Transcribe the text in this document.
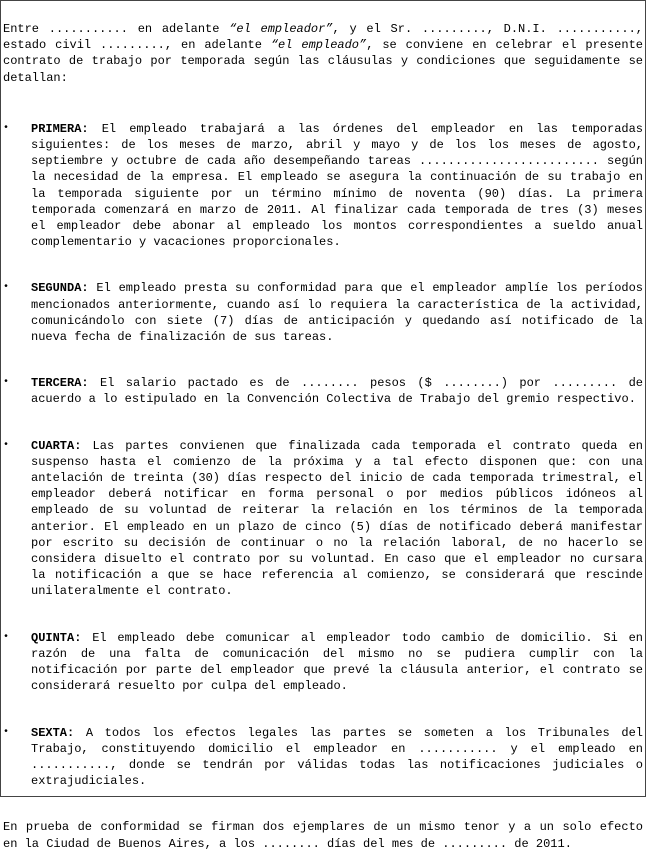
Entre ........... en adelante “el empleador”, y el Sr. ........., D.N.I. ..........., estado civil ........., en adelante “el empleado”, se conviene en celebrar el presente contrato de trabajo por temporada según las cláusulas y condiciones que seguidamente se detallan:

• PRIMERA: El empleado trabajará a las órdenes del empleador en las temporadas siguientes: de los meses de marzo, abril y mayo y de los los meses de agosto, septiembre y octubre de cada año desempeñando tareas ......................... según la necesidad de la empresa. El empleado se asegura la continuación de su trabajo en la temporada siguiente por un término mínimo de noventa (90) días. La primera temporada comenzará en marzo de 2011. Al finalizar cada temporada de tres (3) meses el empleador debe abonar al empleado los montos correspondientes a sueldo anual complementario y vacaciones proporcionales.

• SEGUNDA: El empleado presta su conformidad para que el empleador amplíe los períodos mencionados anteriormente, cuando así lo requiera la característica de la actividad, comunicándolo con siete (7) días de anticipación y quedando así notificado de la nueva fecha de finalización de sus tareas.

• TERCERA: El salario pactado es de ........ pesos ($ ........) por ......... de acuerdo a lo estipulado en la Convención Colectiva de Trabajo del gremio respectivo.

• CUARTA: Las partes convienen que finalizada cada temporada el contrato queda en suspenso hasta el comienzo de la próxima y a tal efecto disponen que: con una antelación de treinta (30) días respecto del inicio de cada temporada trimestral, el empleador deberá notificar en forma personal o por medios públicos idóneos al empleado de su voluntad de reiterar la relación en los términos de la temporada anterior. El empleado en un plazo de cinco (5) días de notificado deberá manifestar por escrito su decisión de continuar o no la relación laboral, de no hacerlo se considera disuelto el contrato por su voluntad. En caso que el empleador no cursara la notificación a que se hace referencia al comienzo, se considerará que rescinde unilateralmente el contrato.

• QUINTA: El empleado debe comunicar al empleador todo cambio de domicilio. Si en razón de una falta de comunicación del mismo no se pudiera cumplir con la notificación por parte del empleador que prevé la cláusula anterior, el contrato se considerará resuelto por culpa del empleado.

• SEXTA: A todos los efectos legales las partes se someten a los Tribunales del Trabajo, constituyendo domicilio el empleador en ........... y el empleado en ..........., donde se tendrán por válidas todas las notificaciones judiciales o extrajudiciales.

En prueba de conformidad se firman dos ejemplares de un mismo tenor y a un solo efecto en la Ciudad de Buenos Aires, a los ........ días del mes de ......... de 2011.
